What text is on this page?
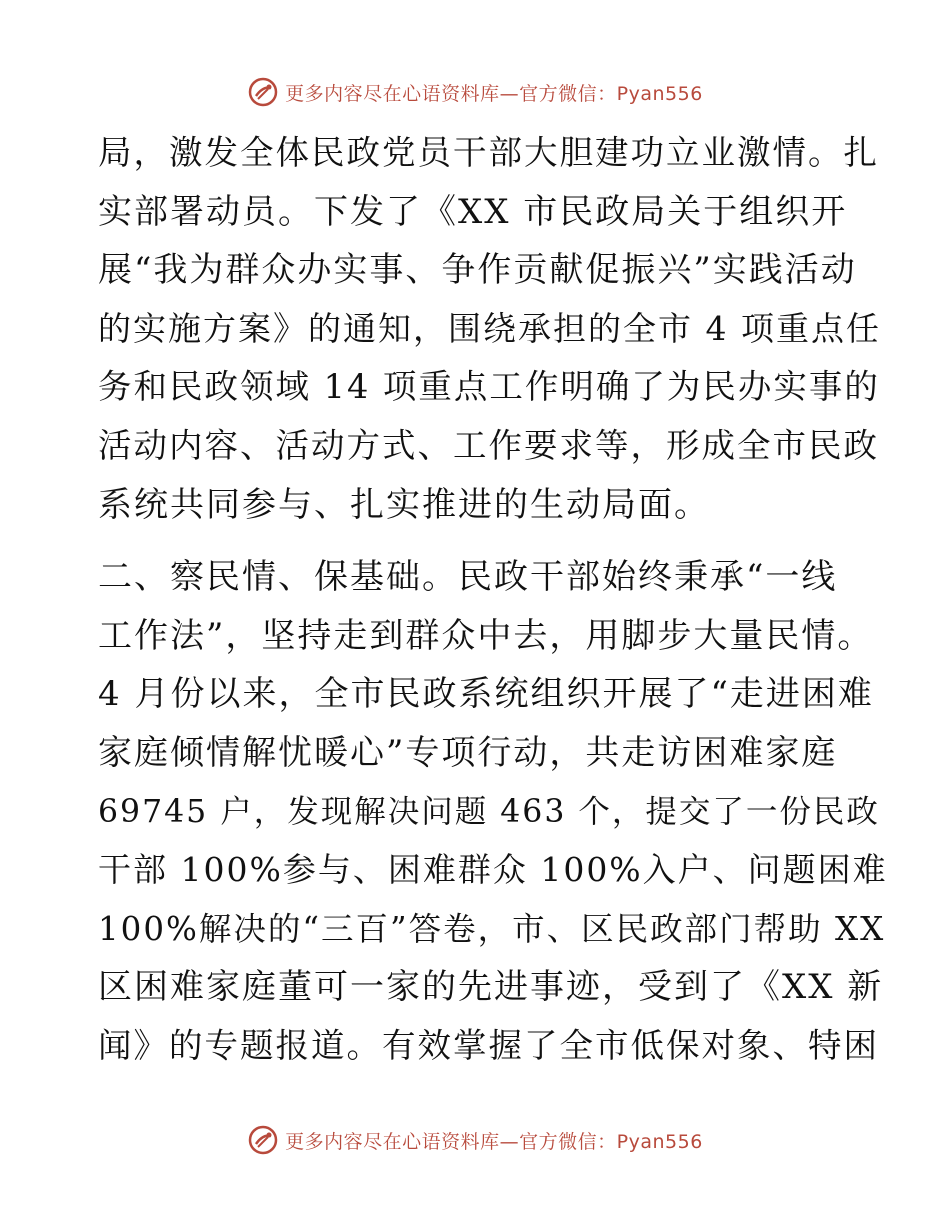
更多内容尽在心语资料库—官方微信：Pyan556
局，激发全体民政党员干部大胆建功立业激情。扎
实部署动员。下发了《XX 市民政局关于组织开
展“我为群众办实事、争作贡献促振兴”实践活动
的实施方案》的通知，围绕承担的全市 4 项重点任
务和民政领域 14 项重点工作明确了为民办实事的
活动内容、活动方式、工作要求等，形成全市民政
系统共同参与、扎实推进的生动局面。
二、察民情、保基础。民政干部始终秉承“一线
工作法”，坚持走到群众中去，用脚步大量民情。
4 月份以来，全市民政系统组织开展了“走进困难
家庭倾情解忧暖心”专项行动，共走访困难家庭
69745 户，发现解决问题 463 个，提交了一份民政
干部 100%参与、困难群众 100%入户、问题困难
100%解决的“三百”答卷，市、区民政部门帮助 XX
区困难家庭董可一家的先进事迹，受到了《XX 新
闻》的专题报道。有效掌握了全市低保对象、特困
更多内容尽在心语资料库—官方微信：Pyan556
